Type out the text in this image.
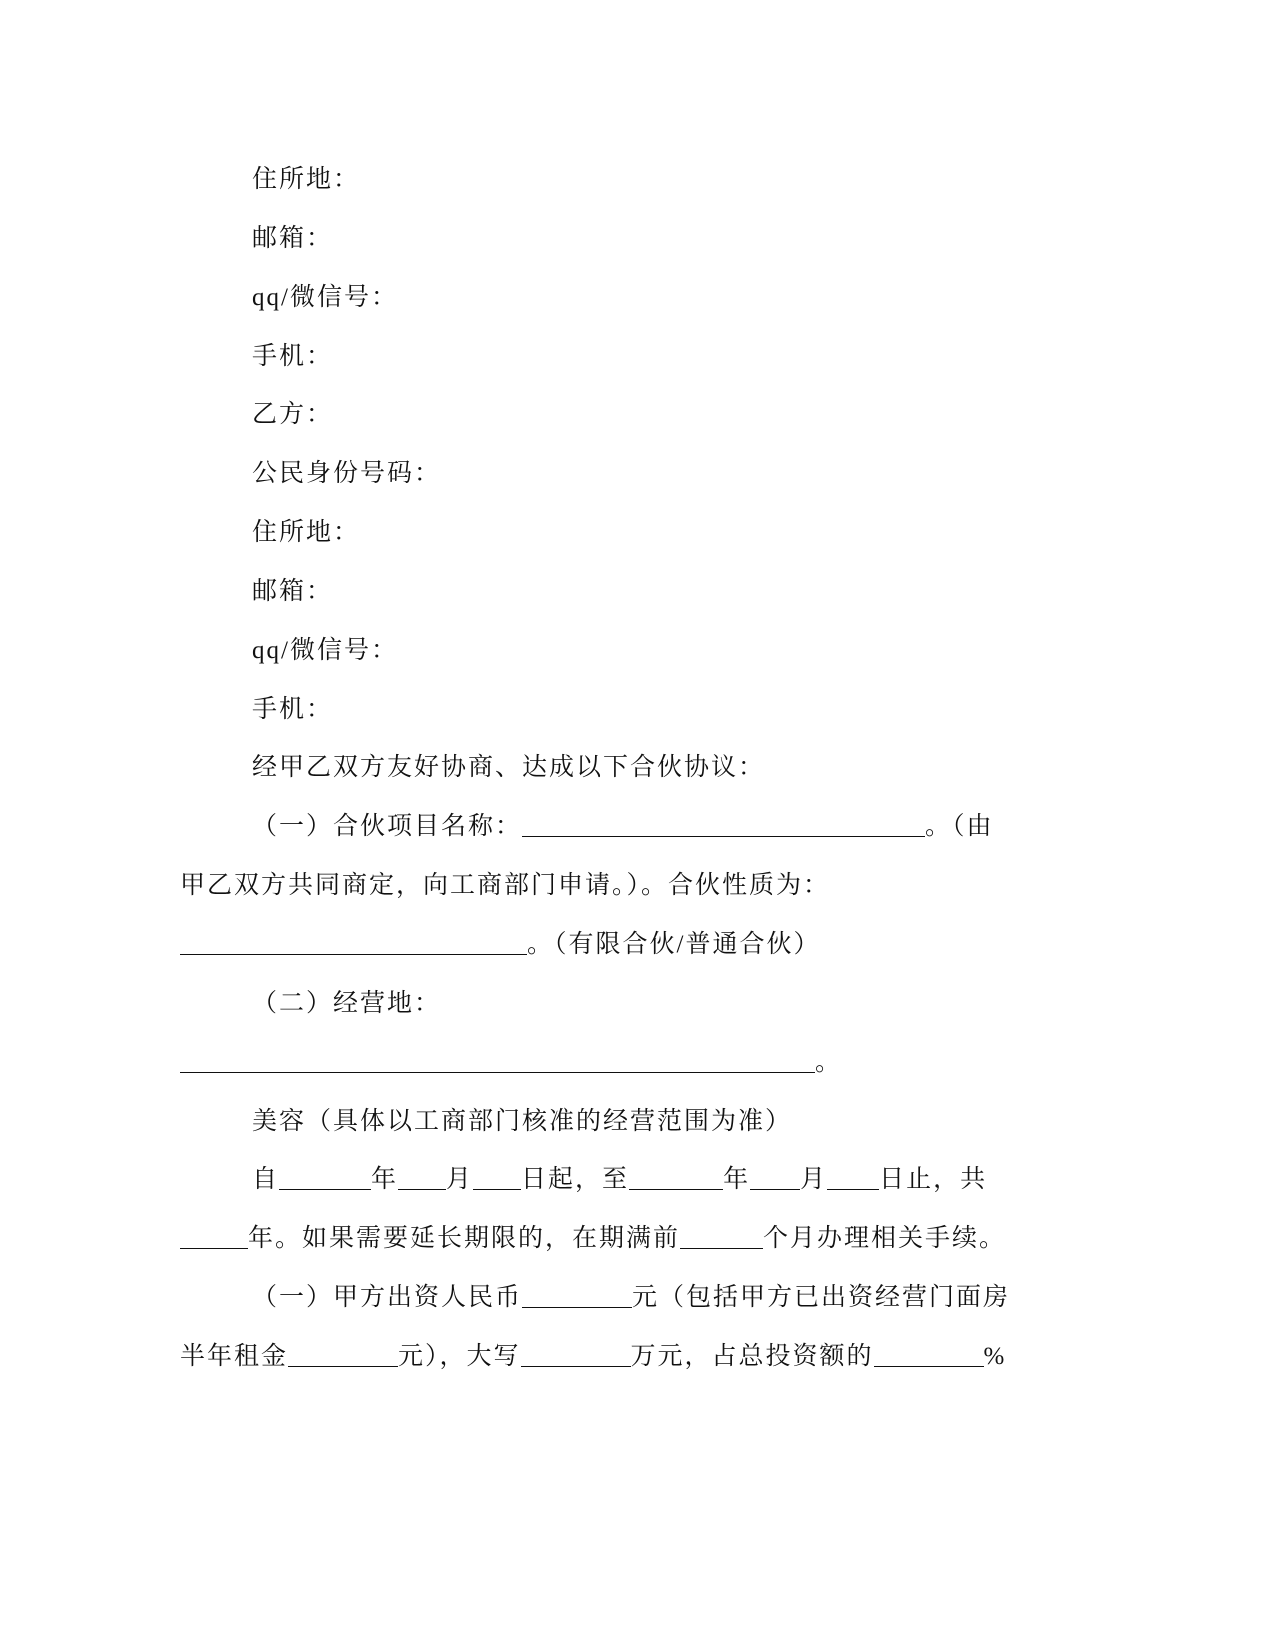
住所地：
邮箱：
qq/微信号：
手机：
乙方：
公民身份号码：
住所地：
邮箱：
qq/微信号：
手机：
经甲乙双方友好协商、达成以下合伙协议：
（一）合伙项目名称：	。（由
甲乙双方共同商定，向工商部门申请。）。合伙性质为：
。（有限合伙/普通合伙）
（二）经营地：
。
美容（具体以工商部门核准的经营范围为准）
自	年 月 日起，至	年 月 日止，共
年。如果需要延长期限的，在期满前	个月办理相关手续。
（一）甲方出资人民币	元（包括甲方已出资经营门面房
半年租金	元），大写	万元，占总投资额的	%
